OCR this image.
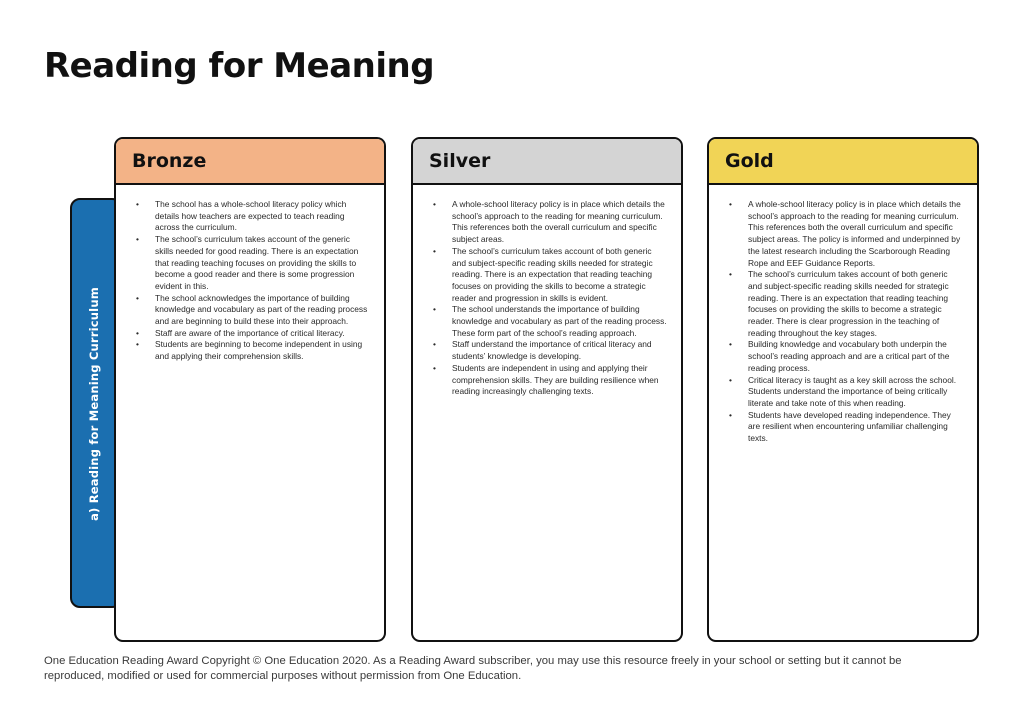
Reading for Meaning
a) Reading for Meaning Curriculum
Bronze
• The school has a whole-school literacy policy which details how teachers are expected to teach reading across the curriculum.
• The school’s curriculum takes account of the generic skills needed for good reading. There is an expectation that reading teaching focuses on providing the skills to become a good reader and there is some progression evident in this.
• The school acknowledges the importance of building knowledge and vocabulary as part of the reading process and are beginning to build these into their approach.
• Staff are aware of the importance of critical literacy.
• Students are beginning to become independent in using and applying their comprehension skills.
Silver
• A whole-school literacy policy is in place which details the school’s approach to the reading for meaning curriculum. This references both the overall curriculum and specific subject areas.
• The school’s curriculum takes account of both generic and subject-specific reading skills needed for strategic reading. There is an expectation that reading teaching focuses on providing the skills to become a strategic reader and progression in skills is evident.
• The school understands the importance of building knowledge and vocabulary as part of the reading process. These form part of the school’s reading approach.
• Staff understand the importance of critical literacy and students’ knowledge is developing.
• Students are independent in using and applying their comprehension skills. They are building resilience when reading increasingly challenging texts.
Gold
• A whole-school literacy policy is in place which details the school’s approach to the reading for meaning curriculum. This references both the overall curriculum and specific subject areas. The policy is informed and underpinned by the latest research including the Scarborough Reading Rope and EEF Guidance Reports.
• The school’s curriculum takes account of both generic and subject-specific reading skills needed for strategic reading. There is an expectation that reading teaching focuses on providing the skills to become a strategic reader. There is clear progression in the teaching of reading throughout the key stages.
• Building knowledge and vocabulary both underpin the school’s reading approach and are a critical part of the reading process.
• Critical literacy is taught as a key skill across the school. Students understand the importance of being critically literate and take note of this when reading.
• Students have developed reading independence. They are resilient when encountering unfamiliar challenging texts.

One Education Reading Award Copyright © One Education 2020. As a Reading Award subscriber, you may use this resource freely in your school or setting but it cannot be reproduced, modified or used for commercial purposes without permission from One Education.
